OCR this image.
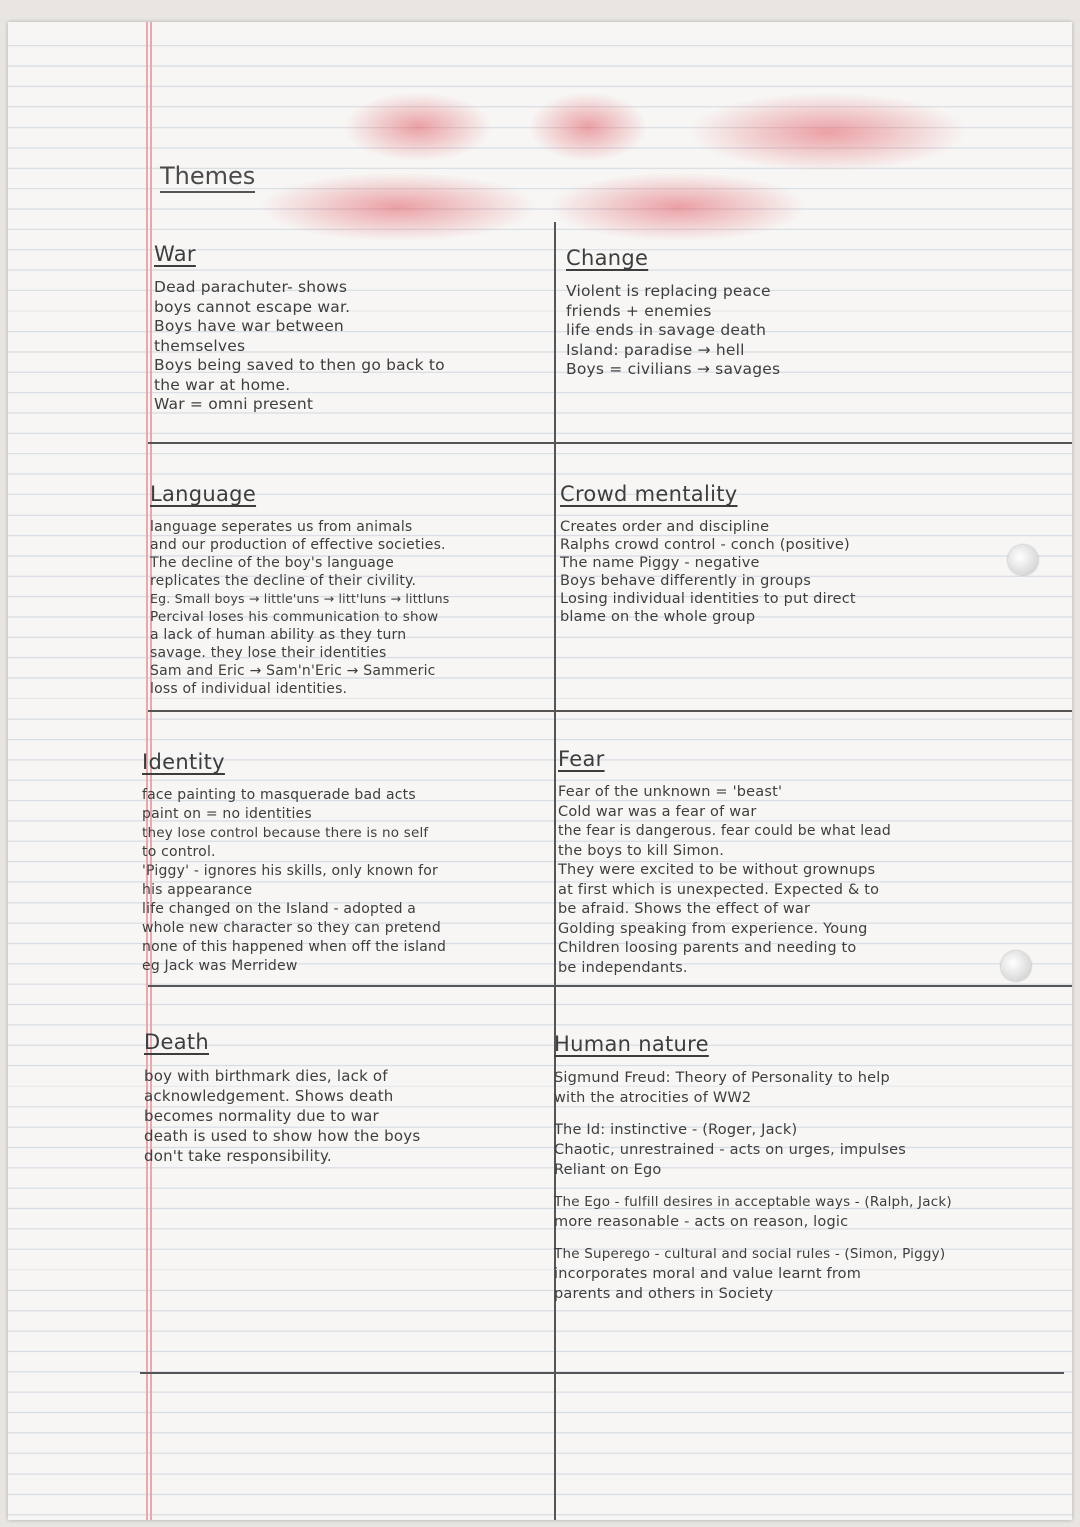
Themes
War
Dead parachuter- shows
boys cannot escape war.
Boys have war between
themselves
Boys being saved to then go back to
the war at home.
War = omni present
Change
Violent is replacing peace
friends + enemies
life ends in savage death
Island: paradise → hell
Boys = civilians → savages
Language
language seperates us from animals
and our production of effective societies.
The decline of the boy's language
replicates the decline of their civility.
Eg. Small boys → little'uns → litt'luns → littluns
Percival loses his communication to show
a lack of human ability as they turn
savage. they lose their identities
Sam and Eric → Sam'n'Eric → Sammeric
loss of individual identities.
Crowd mentality
Creates order and discipline
Ralphs crowd control - conch (positive)
The name Piggy - negative
Boys behave differently in groups
Losing individual identities to put direct
blame on the whole group
Identity
face painting to masquerade bad acts
paint on = no identities
they lose control because there is no self
to control.
'Piggy' - ignores his skills, only known for
his appearance
life changed on the Island - adopted a
whole new character so they can pretend
none of this happened when off the island
eg Jack was Merridew
Fear
Fear of the unknown = 'beast'
Cold war was a fear of war
the fear is dangerous. fear could be what lead
the boys to kill Simon.
They were excited to be without grownups
at first which is unexpected. Expected & to
be afraid. Shows the effect of war
Golding speaking from experience. Young
Children loosing parents and needing to
be independants.
Death
boy with birthmark dies, lack of
acknowledgement. Shows death
becomes normality due to war
death is used to show how the boys
don't take responsibility.
Human nature
Sigmund Freud: Theory of Personality to help
with the atrocities of WW2
The Id: instinctive - (Roger, Jack)
Chaotic, unrestrained - acts on urges, impulses
Reliant on Ego
The Ego - fulfill desires in acceptable ways - (Ralph, Jack)
more reasonable - acts on reason, logic
The Superego - cultural and social rules - (Simon, Piggy)
incorporates moral and value learnt from
parents and others in Society
